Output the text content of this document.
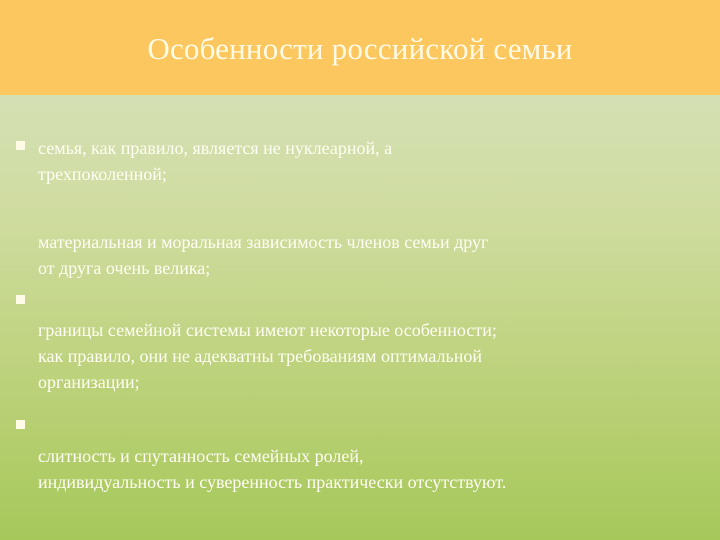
Особенности российской семьи
семья, как правило, является не нуклеарной, а
трехпоколенной;
материальная и моральная зависимость членов семьи друг
от друга очень велика;
границы семейной системы имеют некоторые особенности;
как правило, они не адекватны требованиям оптимальной
организации;
слитность и спутанность семейных ролей,
индивидуальность и суверенность практически отсутствуют.
